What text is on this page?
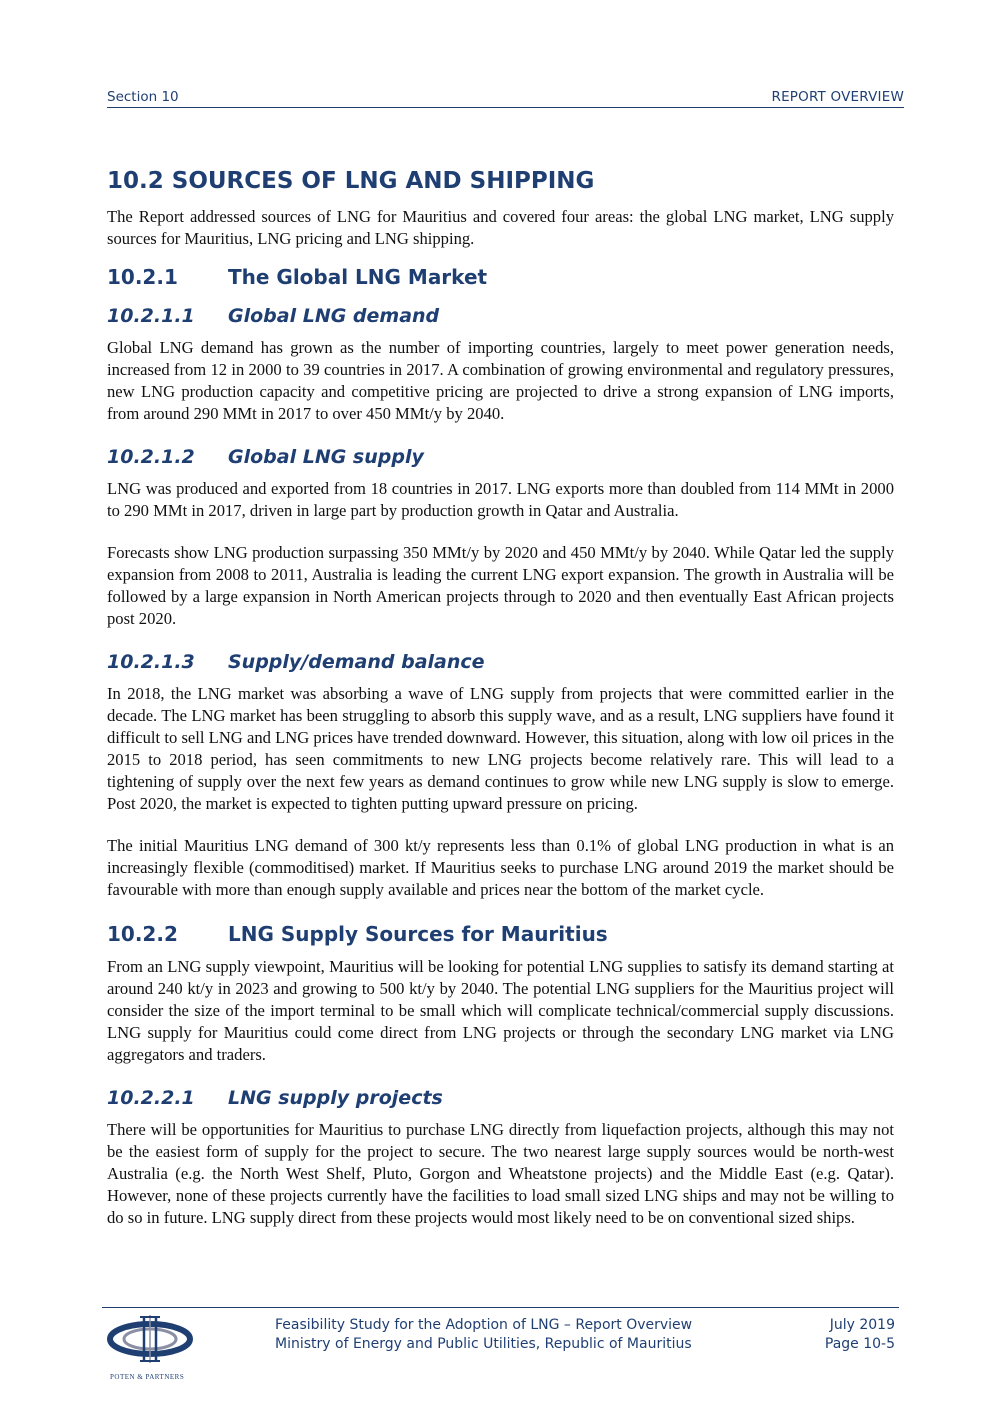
Section 10	REPORT OVERVIEW
10.2 SOURCES OF LNG AND SHIPPING

The Report addressed sources of LNG for Mauritius and covered four areas: the global LNG market, LNG supply sources for Mauritius, LNG pricing and LNG shipping.

10.2.1	The Global LNG Market
10.2.1.1 Global LNG demand

Global LNG demand has grown as the number of importing countries, largely to meet power generation needs, increased from 12 in 2000 to 39 countries in 2017. A combination of growing environmental and regulatory pressures, new LNG production capacity and competitive pricing are projected to drive a strong expansion of LNG imports, from around 290 MMt in 2017 to over 450 MMt/y by 2040.

10.2.1.2 Global LNG supply

LNG was produced and exported from 18 countries in 2017. LNG exports more than doubled from 114 MMt in 2000 to 290 MMt in 2017, driven in large part by production growth in Qatar and Australia.

Forecasts show LNG production surpassing 350 MMt/y by 2020 and 450 MMt/y by 2040. While Qatar led the supply expansion from 2008 to 2011, Australia is leading the current LNG export expansion. The growth in Australia will be followed by a large expansion in North American projects through to 2020 and then eventually East African projects post 2020.

10.2.1.3 Supply/demand balance

In 2018, the LNG market was absorbing a wave of LNG supply from projects that were committed earlier in the decade. The LNG market has been struggling to absorb this supply wave, and as a result, LNG suppliers have found it difficult to sell LNG and LNG prices have trended downward. However, this situation, along with low oil prices in the 2015 to 2018 period, has seen commitments to new LNG projects become relatively rare. This will lead to a tightening of supply over the next few years as demand continues to grow while new LNG supply is slow to emerge. Post 2020, the market is expected to tighten putting upward pressure on pricing.

The initial Mauritius LNG demand of 300 kt/y represents less than 0.1% of global LNG production in what is an increasingly flexible (commoditised) market. If Mauritius seeks to purchase LNG around 2019 the market should be favourable with more than enough supply available and prices near the bottom of the market cycle.

10.2.2	LNG Supply Sources for Mauritius

From an LNG supply viewpoint, Mauritius will be looking for potential LNG supplies to satisfy its demand starting at around 240 kt/y in 2023 and growing to 500 kt/y by 2040. The potential LNG suppliers for the Mauritius project will consider the size of the import terminal to be small which will complicate technical/commercial supply discussions. LNG supply for Mauritius could come direct from LNG projects or through the secondary LNG market via LNG aggregators and traders.

10.2.2.1 LNG supply projects

There will be opportunities for Mauritius to purchase LNG directly from liquefaction projects, although this may not be the easiest form of supply for the project to secure. The two nearest large supply sources would be north-west Australia (e.g. the North West Shelf, Pluto, Gorgon and Wheatstone projects) and the Middle East (e.g. Qatar). However, none of these projects currently have the facilities to load small sized LNG ships and may not be willing to do so in future. LNG supply direct from these projects would most likely need to be on conventional sized ships.

POTEN & PARTNERS
Feasibility Study for the Adoption of LNG – Report Overview	July 2019
Ministry of Energy and Public Utilities, Republic of Mauritius	Page 10-5
